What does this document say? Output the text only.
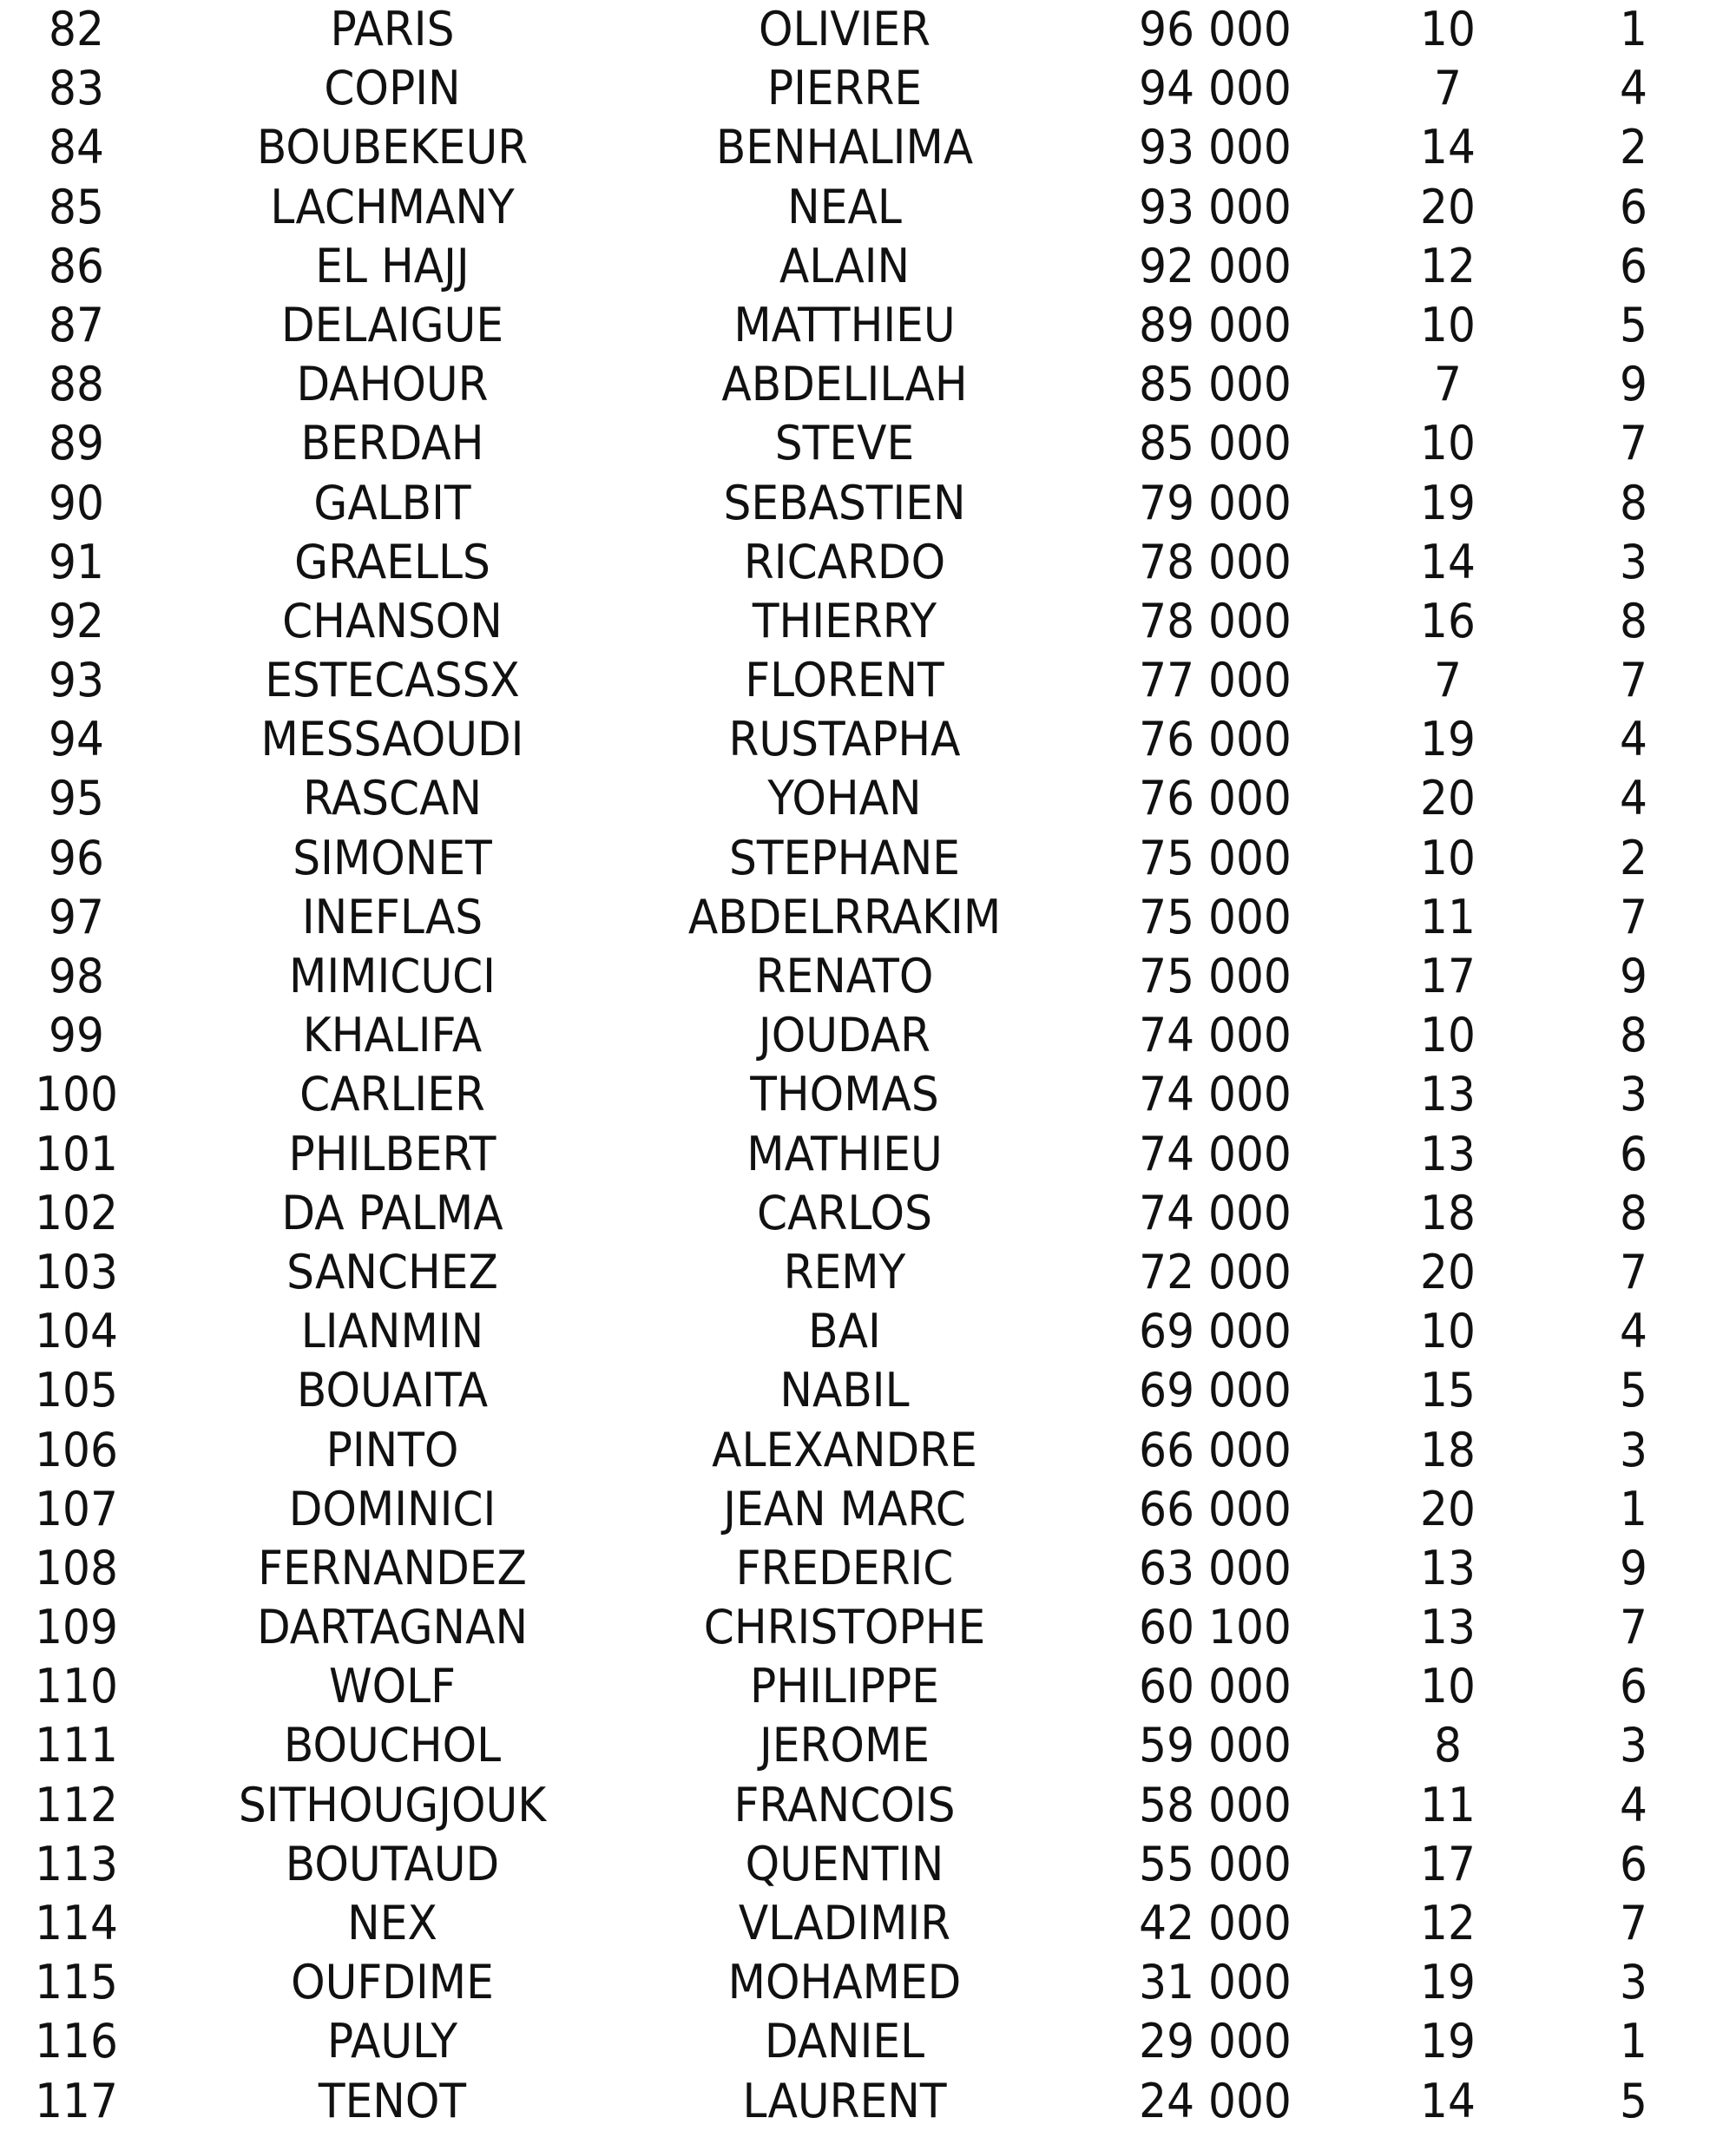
82	PARIS	OLIVIER	96 000	10	1
83	COPIN	PIERRE	94 000	7	4
84	BOUBEKEUR	BENHALIMA	93 000	14	2
85	LACHMANY	NEAL	93 000	20	6
86	EL HAJJ	ALAIN	92 000	12	6
87	DELAIGUE	MATTHIEU	89 000	10	5
88	DAHOUR	ABDELILAH	85 000	7	9
89	BERDAH	STEVE	85 000	10	7
90	GALBIT	SEBASTIEN	79 000	19	8
91	GRAELLS	RICARDO	78 000	14	3
92	CHANSON	THIERRY	78 000	16	8
93	ESTECASSX	FLORENT	77 000	7	7
94	MESSAOUDI	RUSTAPHA	76 000	19	4
95	RASCAN	YOHAN	76 000	20	4
96	SIMONET	STEPHANE	75 000	10	2
97	INEFLAS	ABDELRRAKIM	75 000	11	7
98	MIMICUCI	RENATO	75 000	17	9
99	KHALIFA	JOUDAR	74 000	10	8
100	CARLIER	THOMAS	74 000	13	3
101	PHILBERT	MATHIEU	74 000	13	6
102	DA PALMA	CARLOS	74 000	18	8
103	SANCHEZ	REMY	72 000	20	7
104	LIANMIN	BAI	69 000	10	4
105	BOUAITA	NABIL	69 000	15	5
106	PINTO	ALEXANDRE	66 000	18	3
107	DOMINICI	JEAN MARC	66 000	20	1
108	FERNANDEZ	FREDERIC	63 000	13	9
109	DARTAGNAN	CHRISTOPHE	60 100	13	7
110	WOLF	PHILIPPE	60 000	10	6
111	BOUCHOL	JEROME	59 000	8	3
112	SITHOUGJOUK	FRANCOIS	58 000	11	4
113	BOUTAUD	QUENTIN	55 000	17	6
114	NEX	VLADIMIR	42 000	12	7
115	OUFDIME	MOHAMED	31 000	19	3
116	PAULY	DANIEL	29 000	19	1
117	TENOT	LAURENT	24 000	14	5
